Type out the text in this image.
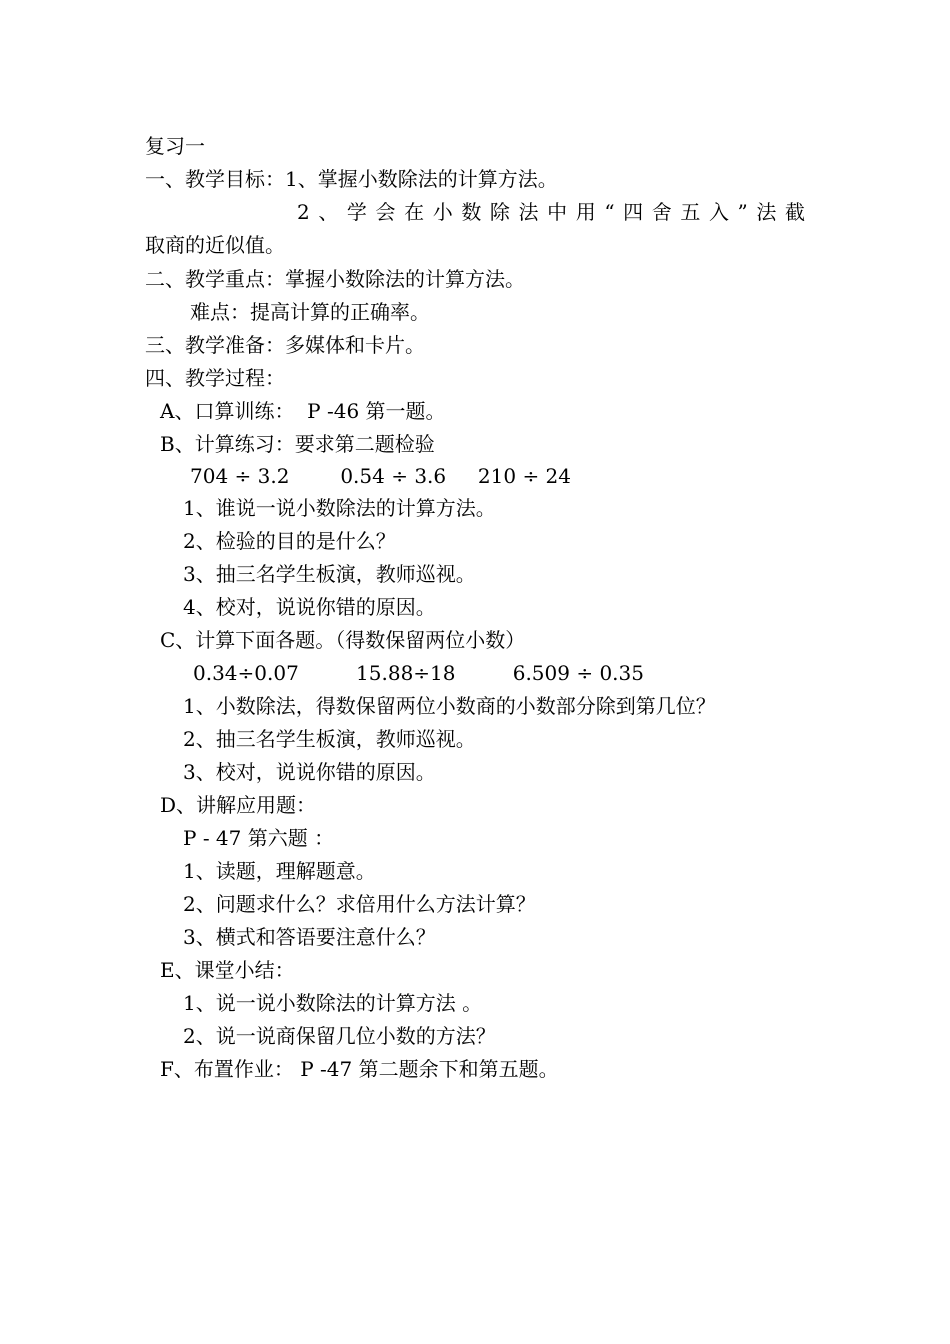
复习一
一、教学目标：1、掌握小数除法的计算方法。
2、学会在小数除法中用“四舍五入”法截
取商的近似值。
二、教学重点：掌握小数除法的计算方法。
难点：提高计算的正确率。
三、教学准备：多媒体和卡片。
四、教学过程：
A、口算训练：  P -46 第一题。
B、计算练习：要求第二题检验
704 ÷ 3.2        0.54 ÷ 3.6     210 ÷ 24
1、谁说一说小数除法的计算方法。
2、检验的目的是什么？
3、抽三名学生板演，教师巡视。
4、校对，说说你错的原因。
C、计算下面各题。（得数保留两位小数）
0.34÷0.07         15.88÷18         6.509 ÷ 0.35
1、小数除法，得数保留两位小数商的小数部分除到第几位？
2、抽三名学生板演，教师巡视。
3、校对，说说你错的原因。
D、讲解应用题：
P - 47 第六题 ：
1、读题，理解题意。
2、问题求什么？求倍用什么方法计算？
3、横式和答语要注意什么？
E、课堂小结：
1、说一说小数除法的计算方法 。
2、说一说商保留几位小数的方法？
F、布置作业： P -47 第二题余下和第五题。
